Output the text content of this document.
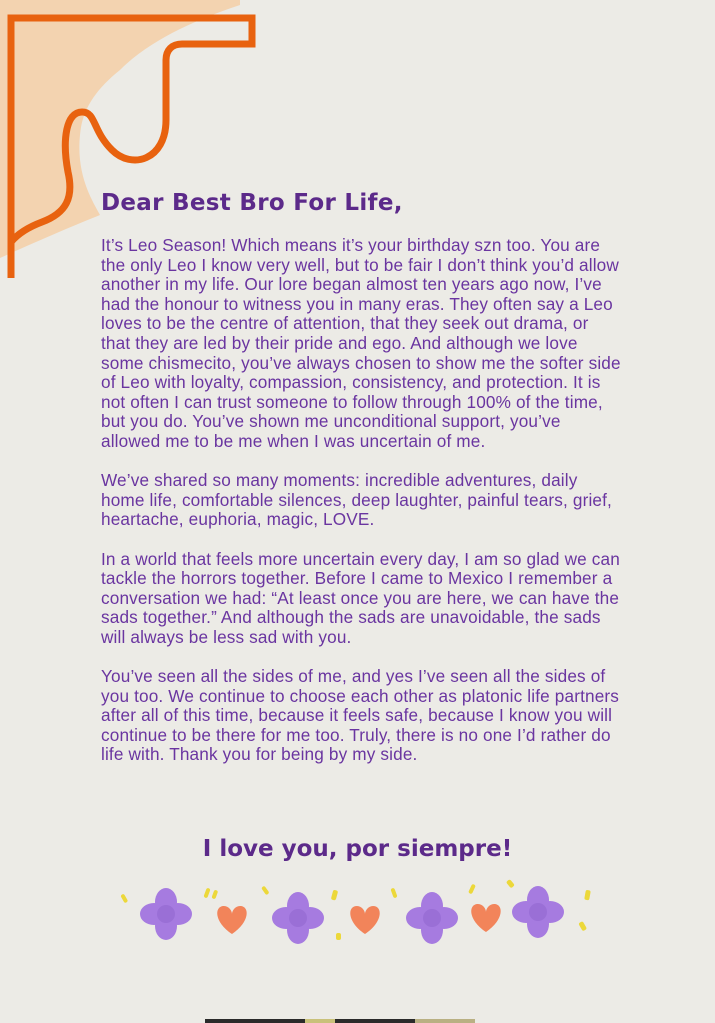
Dear Best Bro For Life,

It’s Leo Season! Which means it’s your birthday szn too. You are the only Leo I know very well, but to be fair I don’t think you’d allow another in my life. Our lore began almost ten years ago now, I’ve had the honour to witness you in many eras. They often say a Leo loves to be the centre of attention, that they seek out drama, or that they are led by their pride and ego. And although we love some chismecito, you’ve always chosen to show me the softer side of Leo with loyalty, compassion, consistency, and protection. It is not often I can trust someone to follow through 100% of the time, but you do. You’ve shown me unconditional support, you’ve allowed me to be me when I was uncertain of me.

We’ve shared so many moments: incredible adventures, daily home life, comfortable silences, deep laughter, painful tears, grief, heartache, euphoria, magic, LOVE.

In a world that feels more uncertain every day, I am so glad we can tackle the horrors together. Before I came to Mexico I remember a conversation we had: “At least once you are here, we can have the sads together.” And although the sads are unavoidable, the sads will always be less sad with you.

You’ve seen all the sides of me, and yes I’ve seen all the sides of you too. We continue to choose each other as platonic life partners after all of this time, because it feels safe, because I know you will continue to be there for me too. Truly, there is no one I’d rather do life with. Thank you for being by my side.

I love you, por siempre!
